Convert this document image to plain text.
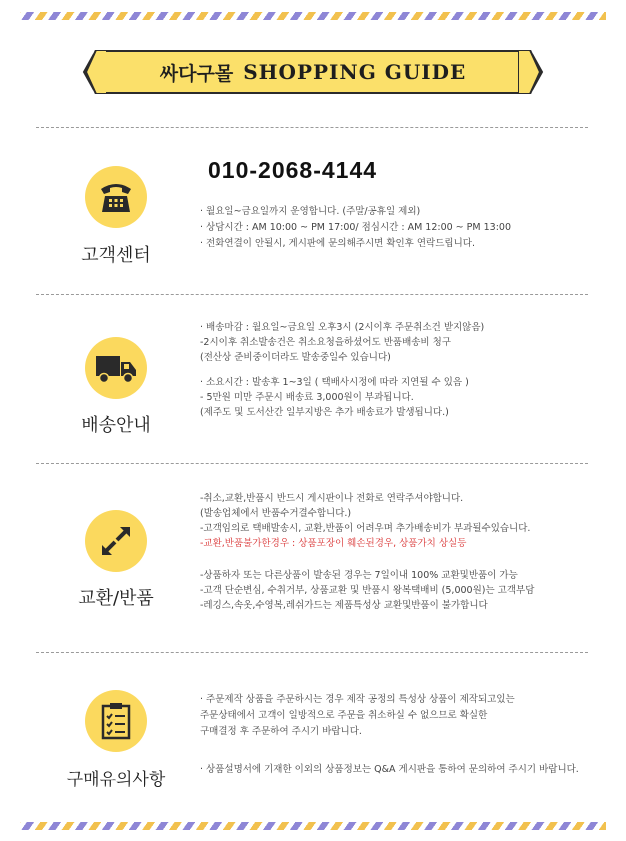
싸다구몰 SHOPPING GUIDE
고객센터
010-2068-4144
· 월요일~금요일까지 운영합니다. (주말/공휴일 제외)
· 상담시간 : AM 10:00 ~ PM 17:00/ 점심시간 : AM 12:00 ~ PM 13:00
· 전화연결이 안될시, 게시판에 문의해주시면 확인후 연락드립니다.
배송안내
· 배송마감 : 월요일~금요일 오후3시 (2시이후 주문취소건 받지않음)
-2시이후 취소발송건은 취소요청을하셨어도 반품배송비 청구
(전산상 준비중이더라도 발송중일수 있습니다)
· 소요시간 : 발송후 1~3일 ( 택배사시정에 따라 지연될 수 있음 )
- 5만원 미만 주문시 배송료 3,000원이 부과됩니다.
(제주도 및 도서산간 일부지방은 추가 배송료가 발생됩니다.)
교환/반품
-취소,교환,반품시 반드시 게시판이나 전화로 연락주셔야합니다.
(발송업체에서 반품수거결수합니다.)
-고객임의로 택배발송시, 교환,반품이 어려우며 추가배송비가 부과될수있습니다.
-교환,반품불가한경우 : 상품포장이 훼손된경우, 상품가치 상실등
-상품하자 또는 다른상품이 발송된 경우는 7일이내 100% 교환및반품이 가능
-고객 단순변심, 수취거부, 상품교환 및 반품시 왕복택배비 (5,000원)는 고객부담
-레깅스,속옷,수영복,레쉬가드는 제품특성상 교환및반품이 불가합니다
구매유의사항
· 주문제작 상품을 주문하시는 경우 제작 공정의 특성상 상품이 제작되고있는
주문상태에서 고객이 일방적으로 주문을 취소하실 수 없으므로 확실한
구매결정 후 주문하여 주시기 바랍니다.
· 상품설명서에 기재한 이외의 상품정보는 Q&A 게시판을 통하여 문의하여 주시기 바랍니다.
